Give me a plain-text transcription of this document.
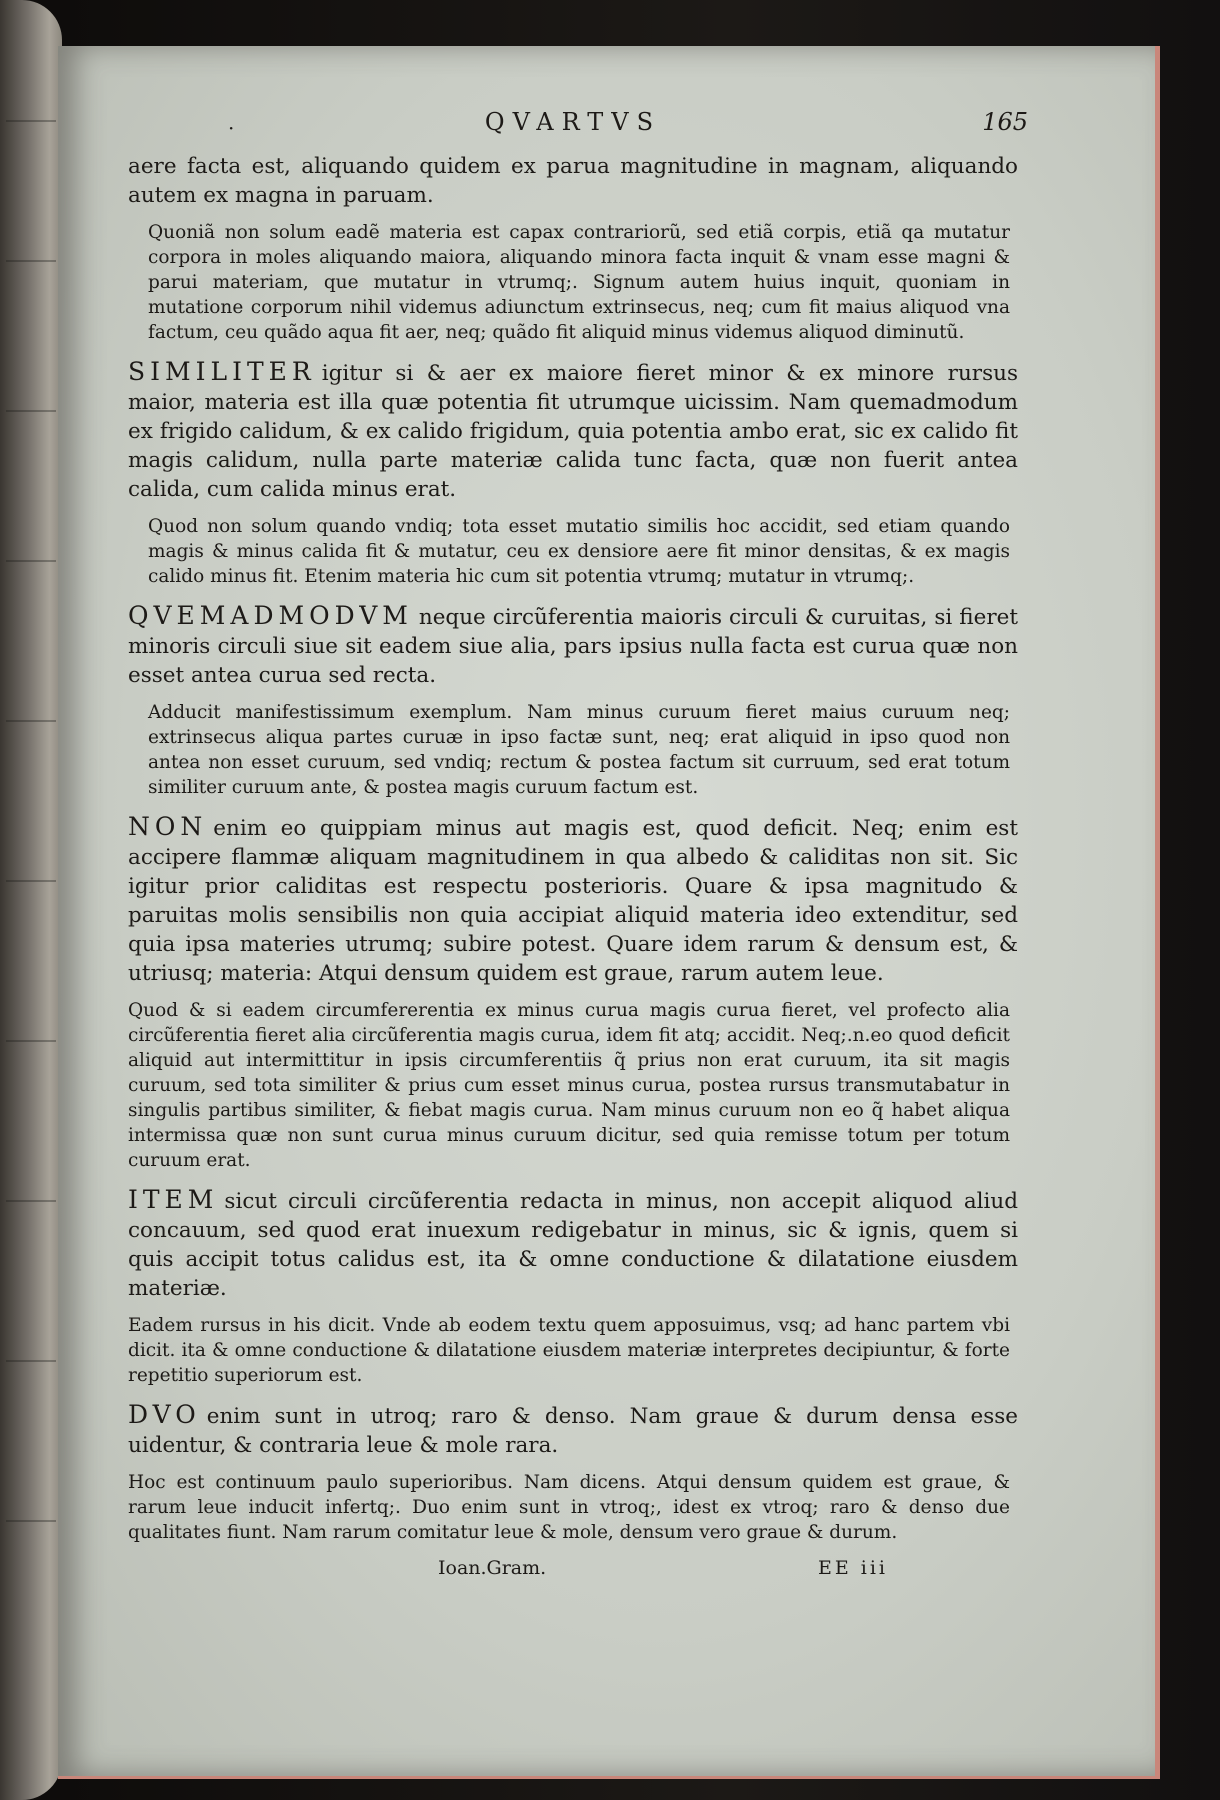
·	QVARTVS	165

aere facta est, aliquando quidem ex parua magnitudine in magnam, aliquando autem ex magna in paruam.

Quoniã non solum eadẽ materia est capax contrariorũ, sed etiã corpis, etiã qa mutatur corpora in moles aliquando maiora, aliquando minora facta inquit & vnam esse magni & parui materiam, que mutatur in vtrumq;. Signum autem huius inquit, quoniam in mutatione corporum nihil videmus adiunctum extrinsecus, neq; cum fit maius aliquod vna factum, ceu quãdo aqua fit aer, neq; quãdo fit aliquid minus videmus aliquod diminutũ.

SIMILITER igitur si & aer ex maiore fieret minor & ex minore rursus maior, materia est illa quæ potentia fit utrumque uicissim. Nam quemadmodum ex frigido calidum, & ex calido frigidum, quia potentia ambo erat, sic ex calido fit magis calidum, nulla parte materiæ calida tunc facta, quæ non fuerit antea calida, cum calida minus erat.

Quod non solum quando vndiq; tota esset mutatio similis hoc accidit, sed etiam quando magis & minus calida fit & mutatur, ceu ex densiore aere fit minor densitas, & ex magis calido minus fit. Etenim materia hic cum sit potentia vtrumq; mutatur in vtrumq;.

QVEMADMODVM neque circũferentia maioris circuli & curuitas, si fieret minoris circuli siue sit eadem siue alia, pars ipsius nulla facta est curua quæ non esset antea curua sed recta.

Adducit manifestissimum exemplum. Nam minus curuum fieret maius curuum neq; extrinsecus aliqua partes curuæ in ipso factæ sunt, neq; erat aliquid in ipso quod non antea non esset curuum, sed vndiq; rectum & postea factum sit curruum, sed erat totum similiter curuum ante, & postea magis curuum factum est.

NON enim eo quippiam minus aut magis est, quod deficit. Neq; enim est accipere flammæ aliquam magnitudinem in qua albedo & caliditas non sit. Sic igitur prior caliditas est respectu posterioris. Quare & ipsa magnitudo & paruitas molis sensibilis non quia accipiat aliquid materia ideo extenditur, sed quia ipsa materies utrumq; subire potest. Quare idem rarum & densum est, & utriusq; materia: Atqui densum quidem est graue, rarum autem leue.

Quod & si eadem circumfererentia ex minus curua magis curua fieret, vel profecto alia circũferentia fieret alia circũferentia magis curua, idem fit atq; accidit. Neq;.n.eo quod deficit aliquid aut intermittitur in ipsis circumferentiis q̃ prius non erat curuum, ita sit magis curuum, sed tota similiter & prius cum esset minus curua, postea rursus transmutabatur in singulis partibus similiter, & fiebat magis curua. Nam minus curuum non eo q̃ habet aliqua intermissa quæ non sunt curua minus curuum dicitur, sed quia remisse totum per totum curuum erat.

ITEM sicut circuli circũferentia redacta in minus, non accepit aliquod aliud concauum, sed quod erat inuexum redigebatur in minus, sic & ignis, quem si quis accipit totus calidus est, ita & omne conductione & dilatatione eiusdem materiæ.

Eadem rursus in his dicit. Vnde ab eodem textu quem apposuimus, vsq; ad hanc partem vbi dicit. ita & omne conductione & dilatatione eiusdem materiæ interpretes decipiuntur, & forte repetitio superiorum est.

DVO enim sunt in utroq; raro & denso. Nam graue & durum densa esse uidentur, & contraria leue & mole rara.

Hoc est continuum paulo superioribus. Nam dicens. Atqui densum quidem est graue, & rarum leue inducit infertq;. Duo enim sunt in vtroq;, idest ex vtroq; raro & denso due qualitates fiunt. Nam rarum comitatur leue & mole, densum vero graue & durum.

Ioan.Gram.	EE iii
